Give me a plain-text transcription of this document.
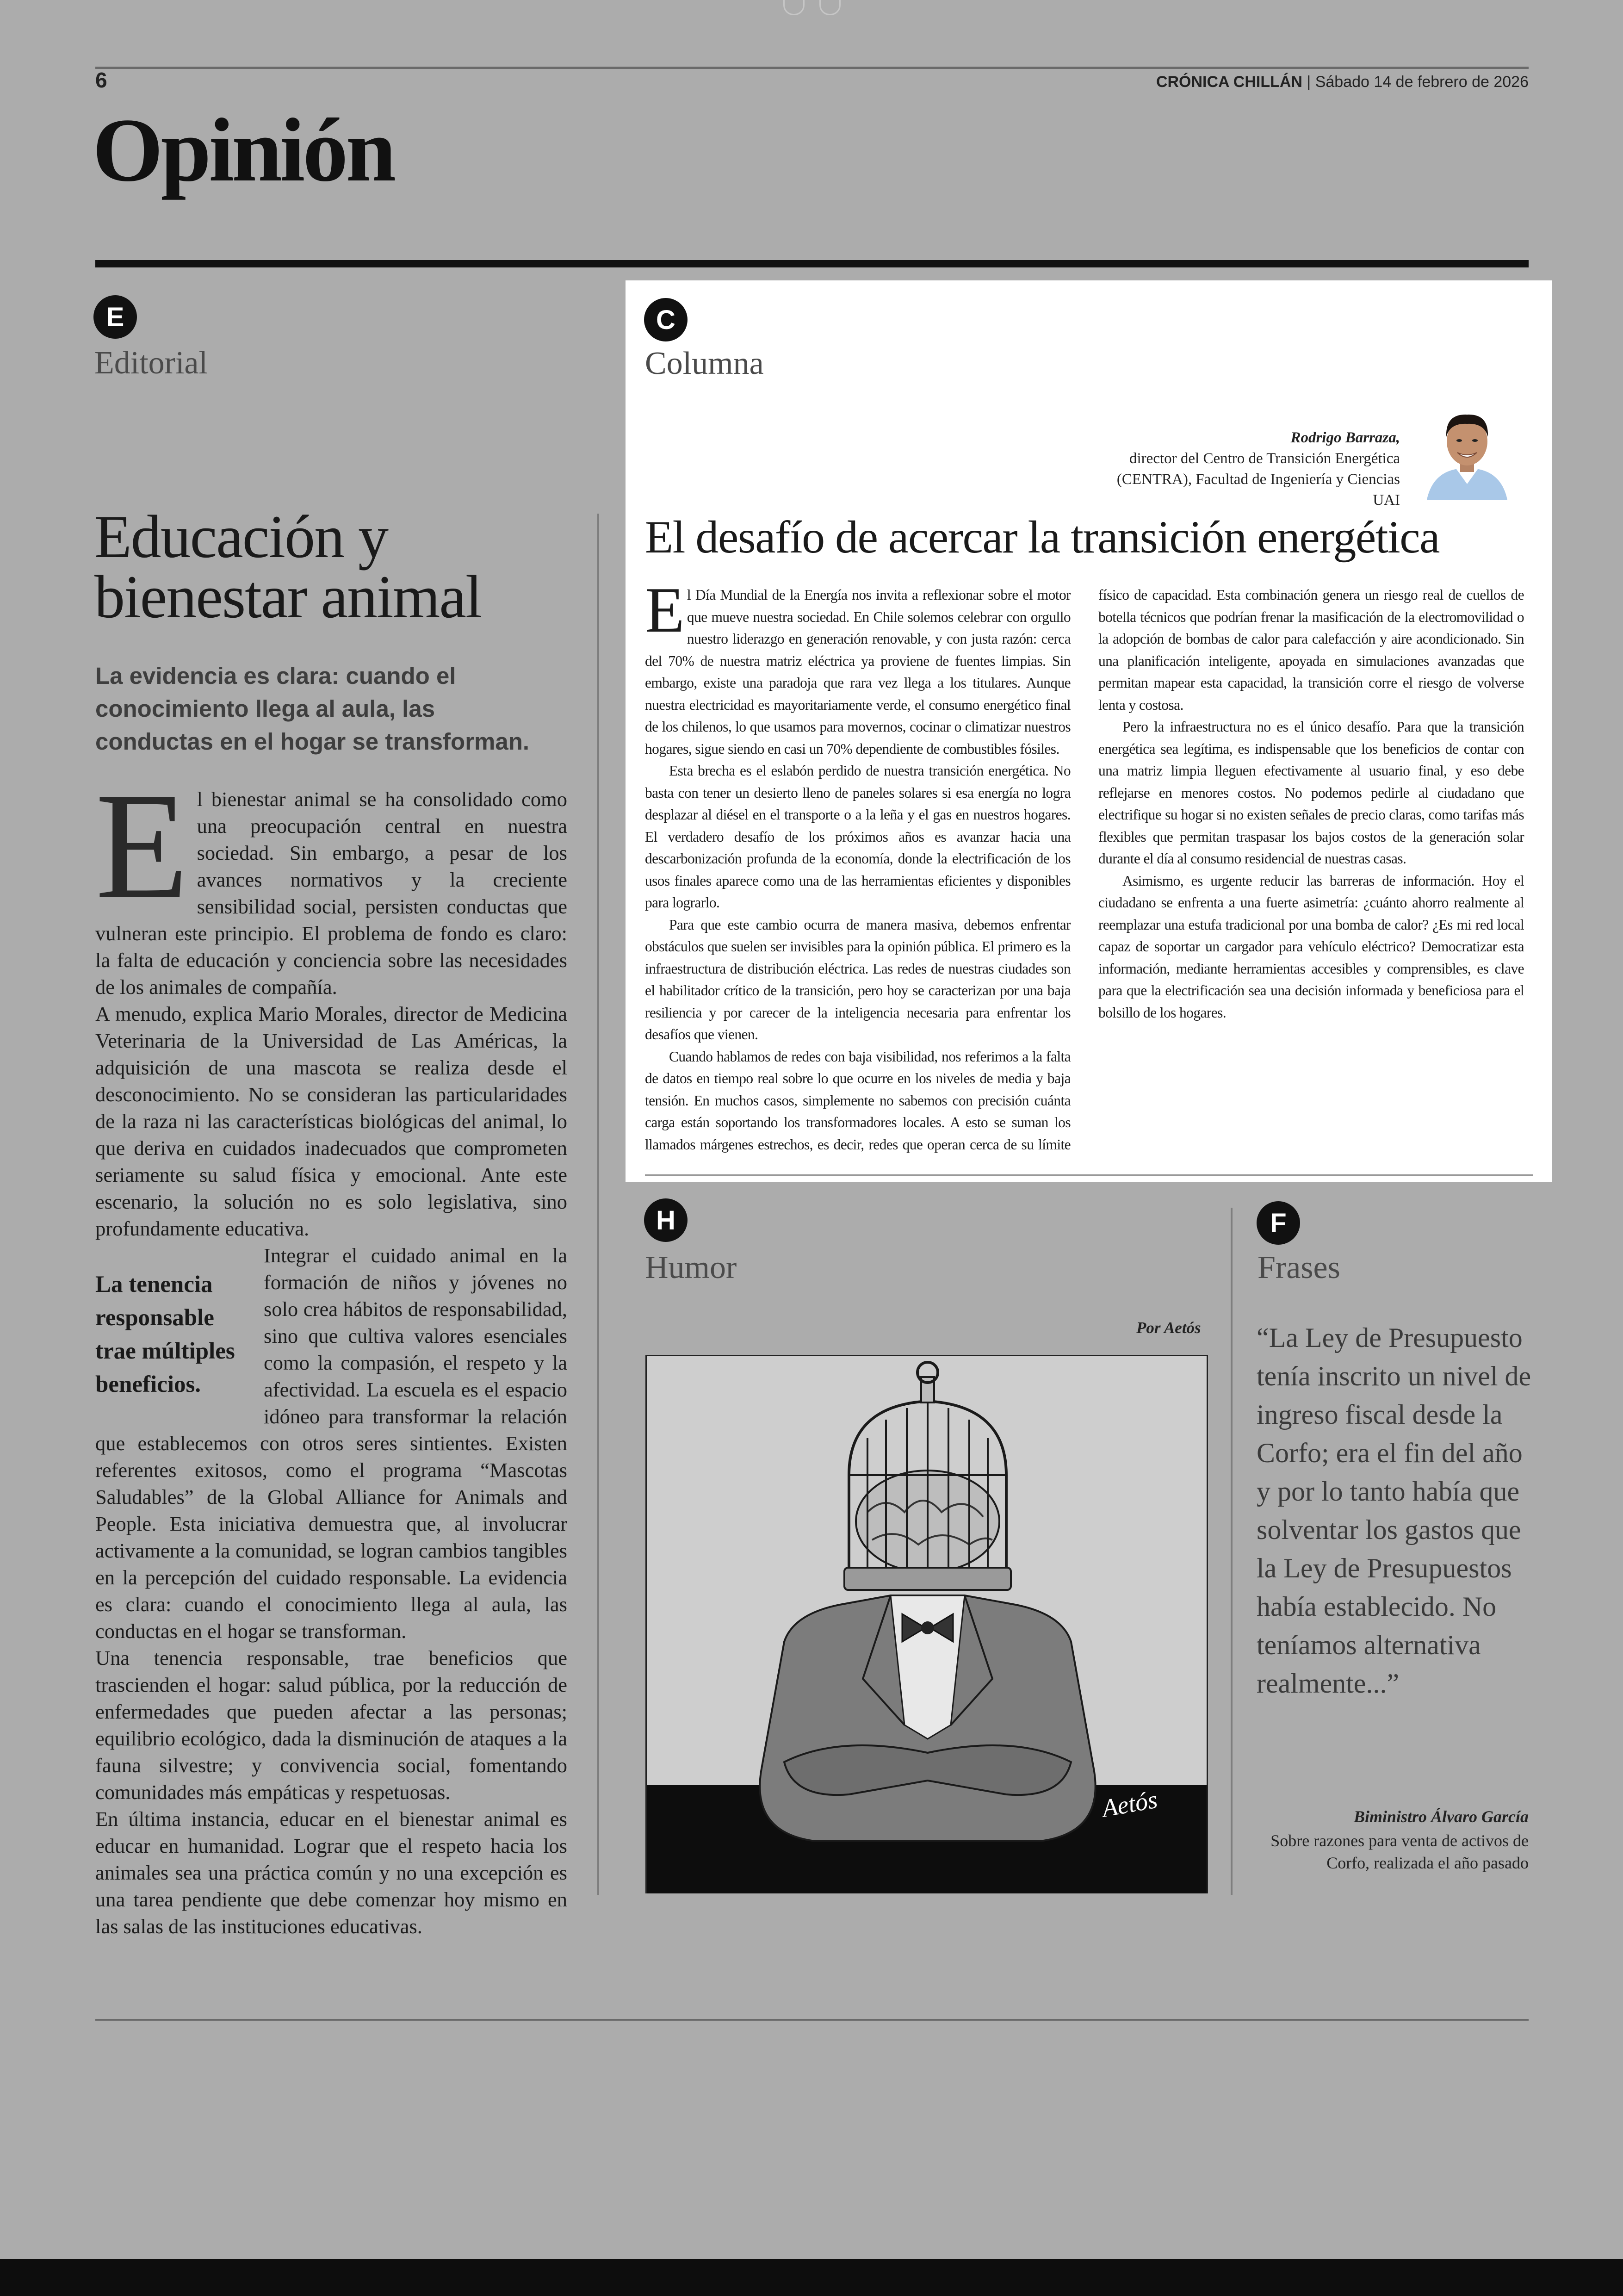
6	CRÓNICA CHILLÁN | Sábado 14 de febrero de 2026
Opinión
E
Editorial
Educación y
bienestar animal
La evidencia es clara: cuando el conocimiento llega al aula, las conductas en el hogar se transforman.
E l bienestar animal se ha consolidado como una preocupación central en nuestra sociedad. Sin embargo, a pesar de los avances normativos y la creciente sensibilidad social, persisten conductas que vulneran este principio. El problema de fondo es claro: la falta de educación y conciencia sobre las necesidades de los animales de compañía.

A menudo, explica Mario Morales, director de Medicina Veterinaria de la Universidad de Las Américas, la adquisición de una mascota se realiza desde el desconocimiento. No se consideran las particularidades de la raza ni las características biológicas del animal, lo que deriva en cuidados inadecuados que comprometen seriamente su salud física y emocional. Ante este escenario, la solución no es solo legislativa, sino profundamente educativa.

La tenencia responsable trae múltiples beneficios.
Integrar el cuidado animal en la formación de niños y jóvenes no solo crea hábitos de responsabilidad, sino que cultiva valores esenciales como la compasión, el respeto y la afectividad. La escuela es el espacio idóneo para transformar la relación que establecemos con otros seres sintientes. Existen referentes exitosos, como el programa “Mascotas Saludables” de la Global Alliance for Animals and People. Esta iniciativa demuestra que, al involucrar activamente a la comunidad, se logran cambios tangibles en la percepción del cuidado responsable. La evidencia es clara: cuando el conocimiento llega al aula, las conductas en el hogar se transforman.

Una tenencia responsable, trae beneficios que trascienden el hogar: salud pública, por la reducción de enfermedades que pueden afectar a las personas; equilibrio ecológico, dada la disminución de ataques a la fauna silvestre; y convivencia social, fomentando comunidades más empáticas y respetuosas.

En última instancia, educar en el bienestar animal es educar en humanidad. Lograr que el respeto hacia los animales sea una práctica común y no una excepción es una tarea pendiente que debe comenzar hoy mismo en las salas de las instituciones educativas.

C
Columna
Rodrigo Barraza,
director del Centro de Transición Energética (CENTRA), Facultad de Ingeniería y Ciencias UAI
El desafío de acercar la transición energética

El Día Mundial de la Energía nos invita a reflexionar sobre el motor que mueve nuestra sociedad. En Chile solemos celebrar con orgullo nuestro liderazgo en generación renovable, y con justa razón: cerca del 70% de nuestra matriz eléctrica ya proviene de fuentes limpias. Sin embargo, existe una paradoja que rara vez llega a los titulares. Aunque nuestra electricidad es mayoritariamente verde, el consumo energético final de los chilenos, lo que usamos para movernos, cocinar o climatizar nuestros hogares, sigue siendo en casi un 70% dependiente de combustibles fósiles.

Esta brecha es el eslabón perdido de nuestra transición energética. No basta con tener un desierto lleno de paneles solares si esa energía no logra desplazar al diésel en el transporte o a la leña y el gas en nuestros hogares. El verdadero desafío de los próximos años es avanzar hacia una descarbonización profunda de la economía, donde la electrificación de los usos finales aparece como una de las herramientas eficientes y disponibles para lograrlo.

Para que este cambio ocurra de manera masiva, debemos enfrentar obstáculos que suelen ser invisibles para la opinión pública. El primero es la infraestructura de distribución eléctrica. Las redes de nuestras ciudades son el habilitador crítico de la transición, pero hoy se caracterizan por una baja resiliencia y por carecer de la inteligencia necesaria para enfrentar los desafíos que vienen.

Cuando hablamos de redes con baja visibilidad, nos referimos a la falta de datos en tiempo real sobre lo que ocurre en los niveles de media y baja tensión. En muchos casos, simplemente no sabemos con precisión cuánta carga están soportando los transformadores locales. A esto se suman los llamados márgenes estrechos, es decir, redes que operan cerca de su límite físico de capacidad. Esta combinación genera un riesgo real de cuellos de botella técnicos que podrían frenar la masificación de la electromovilidad o la adopción de bombas de calor para calefacción y aire acondicionado. Sin una planificación inteligente, apoyada en simulaciones avanzadas que permitan mapear esta capacidad, la transición corre el riesgo de volverse lenta y costosa.

Pero la infraestructura no es el único desafío. Para que la transición energética sea legítima, es indispensable que los beneficios de contar con una matriz limpia lleguen efectivamente al usuario final, y eso debe reflejarse en menores costos. No podemos pedirle al ciudadano que electrifique su hogar si no existen señales de precio claras, como tarifas más flexibles que permitan traspasar los bajos costos de la generación solar durante el día al consumo residencial de nuestras casas.

Asimismo, es urgente reducir las barreras de información. Hoy el ciudadano se enfrenta a una fuerte asimetría: ¿cuánto ahorro realmente al reemplazar una estufa tradicional por una bomba de calor? ¿Es mi red local capaz de soportar un cargador para vehículo eléctrico? Democratizar esta información, mediante herramientas accesibles y comprensibles, es clave para que la electrificación sea una decisión informada y beneficiosa para el bolsillo de los hogares.

H
Humor
Por Aetós
Aetós
F
Frases
“La Ley de Presupuesto tenía inscrito un nivel de ingreso fiscal desde la Corfo; era el fin del año y por lo tanto había que solventar los gastos que la Ley de Presupuestos había establecido. No teníamos alternativa realmente...”
Biministro Álvaro García
Sobre razones para venta de activos de Corfo, realizada el año pasado
